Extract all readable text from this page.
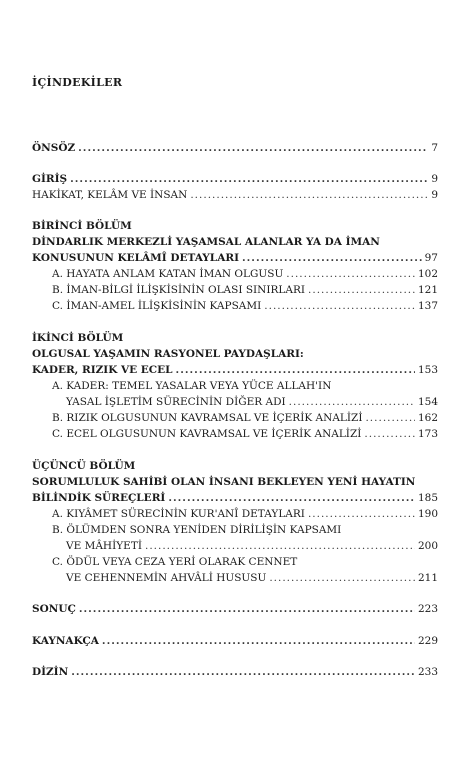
İÇİNDEKİLER
ÖNSÖZ .....	7
GİRİŞ .....	9
HAKİKAT, KELÂM VE İNSAN .....	9
BİRİNCİ BÖLÜM
DİNDARLIK MERKEZLİ YAŞAMSAL ALANLAR YA DA İMAN
KONUSUNUN KELÂMÎ DETAYLARI .....	97
A. HAYATA ANLAM KATAN İMAN OLGUSU .....	102
B. İMAN-BİLGİ İLİŞKİSİNİN OLASI SINIRLARI .....	121
C. İMAN-AMEL İLİŞKİSİNİN KAPSAMI .....	137
İKİNCİ BÖLÜM
OLGUSAL YAŞAMIN RASYONEL PAYDAŞLARI:
KADER, RIZIK VE ECEL .....	153
A. KADER: TEMEL YASALAR VEYA YÜCE ALLAH'IN
YASAL İŞLETİM SÜRECİNİN DİĞER ADI .....	154
B. RIZIK OLGUSUNUN KAVRAMSAL VE İÇERİK ANALİZİ .....	162
C. ECEL OLGUSUNUN KAVRAMSAL VE İÇERİK ANALİZİ .....	173
ÜÇÜNCÜ BÖLÜM
SORUMLULUK SAHİBİ OLAN İNSANI BEKLEYEN YENİ HAYATIN
BİLİNDİK SÜREÇLERİ .....	185
A. KIYÂMET SÜRECİNİN KUR'ANÎ DETAYLARI .....	190
B. ÖLÜMDEN SONRA YENİDEN DİRİLİŞİN KAPSAMI
VE MÂHİYETİ .....	200
C. ÖDÜL VEYA CEZA YERİ OLARAK CENNET
VE CEHENNEMİN AHVÂLİ HUSUSU .....	211
SONUÇ .....	223
KAYNAKÇA .....	229
DİZİN .....	233
